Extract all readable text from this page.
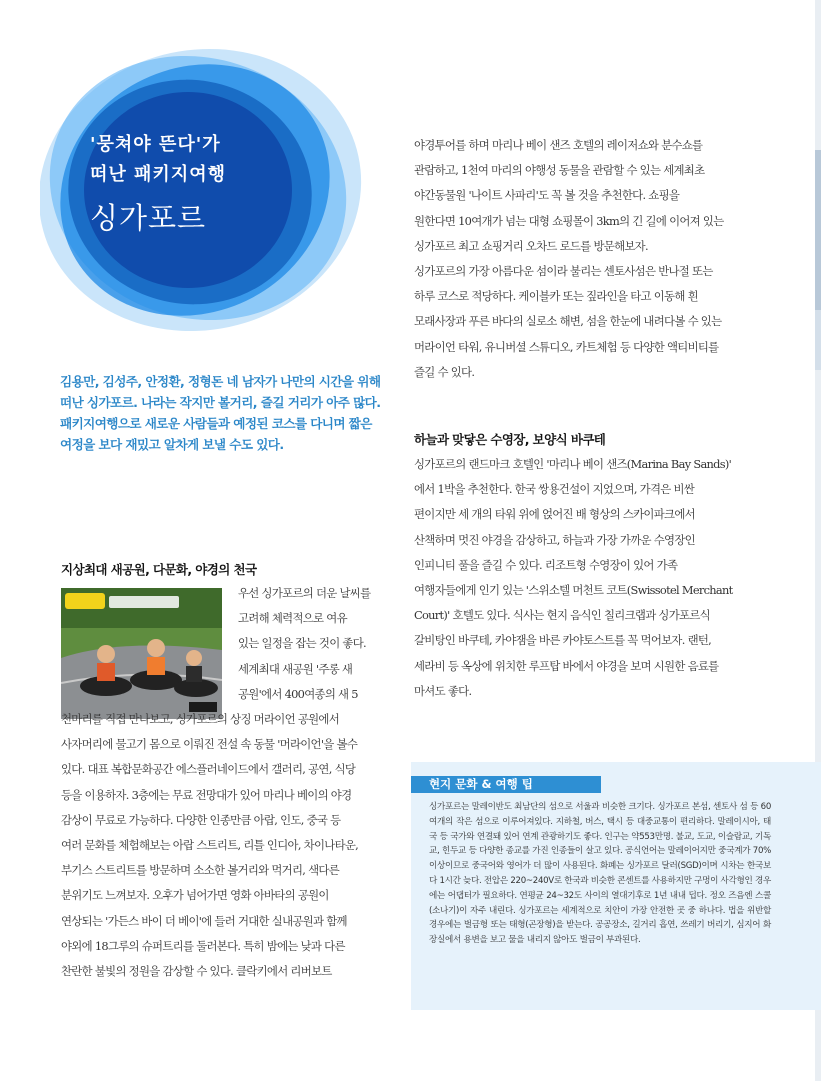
'뭉쳐야 뜬다'가
떠난 패키지여행
싱가포르
김용만, 김성주, 안정환, 정형돈 네 남자가 나만의 시간을 위해 떠난 싱가포르. 나라는 작지만 볼거리, 즐길 거리가 아주 많다. 패키지여행으로 새로운 사람들과 예정된 코스를 다니며 짧은 여정을 보다 재밌고 알차게 보낼 수도 있다.
지상최대 새공원, 다문화, 야경의 천국

우선 싱가포르의 더운 날씨를

고려해 체력적으로 여유

있는 일정을 잡는 것이 좋다.

세계최대 새공원 '주롱 새

공원'에서 400여종의 새 5

천마리를 직접 만나보고, 싱가포르의 상징 머라이언 공원에서

사자머리에 물고기 몸으로 이뤄진 전설 속 동물 '머라이언'을 볼수

있다. 대표 복합문화공간 에스플러네이드에서 갤러리, 공연, 식당

등을 이용하자. 3층에는 무료 전망대가 있어 마리나 베이의 야경

감상이 무료로 가능하다. 다양한 인종만큼 아랍, 인도, 중국 등

여러 문화를 체험해보는 아랍 스트리트, 리틀 인디아, 차이나타운,

부기스 스트리트를 방문하며 소소한 볼거리와 먹거리, 색다른

분위기도 느껴보자. 오후가 넘어가면 영화 아바타의 공원이

연상되는 '가든스 바이 더 베이'에 들러 거대한 실내공원과 함께

야외에 18그루의 슈퍼트리를 둘러본다. 특히 밤에는 낮과 다른

찬란한 불빛의 정원을 감상할 수 있다. 클락키에서 리버보트

야경투어를 하며 마리나 베이 샌즈 호텔의 레이저쇼와 분수쇼를

관람하고, 1천여 마리의 야행성 동물을 관람할 수 있는 세계최초

야간동물원 '나이트 사파리'도 꼭 볼 것을 추천한다. 쇼핑을

원한다면 10여개가 넘는 대형 쇼핑몰이 3km의 긴 길에 이어져 있는

싱가포르 최고 쇼핑거리 오차드 로드를 방문해보자.

싱가포르의 가장 아름다운 섬이라 불리는 센토사섬은 반나절 또는

하루 코스로 적당하다. 케이블카 또는 짚라인을 타고 이동해 흰

모래사장과 푸른 바다의 실로소 해변, 섬을 한눈에 내려다볼 수 있는

머라이언 타워, 유니버셜 스튜디오, 카트체험 등 다양한 액티비티를

즐길 수 있다.

하늘과 맞닿은 수영장, 보양식 바쿠테

싱가포르의 랜드마크 호텔인 '마리나 베이 샌즈(Marina Bay Sands)'

에서 1박을 추천한다. 한국 쌍용건설이 지었으며, 가격은 비싼

편이지만 세 개의 타워 위에 얹어진 배 형상의 스카이파크에서

산책하며 멋진 야경을 감상하고, 하늘과 가장 가까운 수영장인

인피니티 풀을 즐길 수 있다. 리조트형 수영장이 있어 가족

여행자들에게 인기 있는 '스위소텔 머천트 코트(Swissotel Merchant

Court)' 호텔도 있다. 식사는 현지 음식인 칠리크랩과 싱가포르식

갈비탕인 바쿠테, 카야잼을 바른 카야토스트를 꼭 먹어보자. 랜턴,

세라비 등 옥상에 위치한 루프탑 바에서 야경을 보며 시원한 음료를

마셔도 좋다.

현지 문화 & 여행 팁
싱가포르는 말레이반도 최남단의 섬으로 서울과 비슷한 크기다. 싱가포르 본섬, 센토사 섬 등 60여개의 작은 섬으로 이루어져있다. 지하철, 버스, 택시 등 대중교통이 편리하다. 말레이시아, 태국 등 국가와 연결돼 있어 연계 관광하기도 좋다. 인구는 약553만명. 불교, 도교, 이슬람교, 기독교, 힌두교 등 다양한 종교를 가진 인종들이 살고 있다. 공식언어는 말레이어지만 중국계가 70% 이상이므로 중국어와 영어가 더 많이 사용된다. 화폐는 싱가포르 달러(SGD)이며 시차는 한국보다 1시간 늦다. 전압은 220~240V로 한국과 비슷한 콘센트를 사용하지만 구멍이 사각형인 경우에는 어댑터가 필요하다. 연평균 24~32도 사이의 열대기후로 1년 내내 덥다. 정오 즈음엔 스콜(소나기)이 자주 내린다. 싱가포르는 세계적으로 치안이 가장 안전한 곳 중 하나다. 법을 위반할 경우에는 벌금형 또는 태형(곤장형)을 받는다. 공공장소, 길거리 흡연, 쓰레기 버리기, 심지어 화장실에서 용변을 보고 물을 내리지 않아도 벌금이 부과된다.
